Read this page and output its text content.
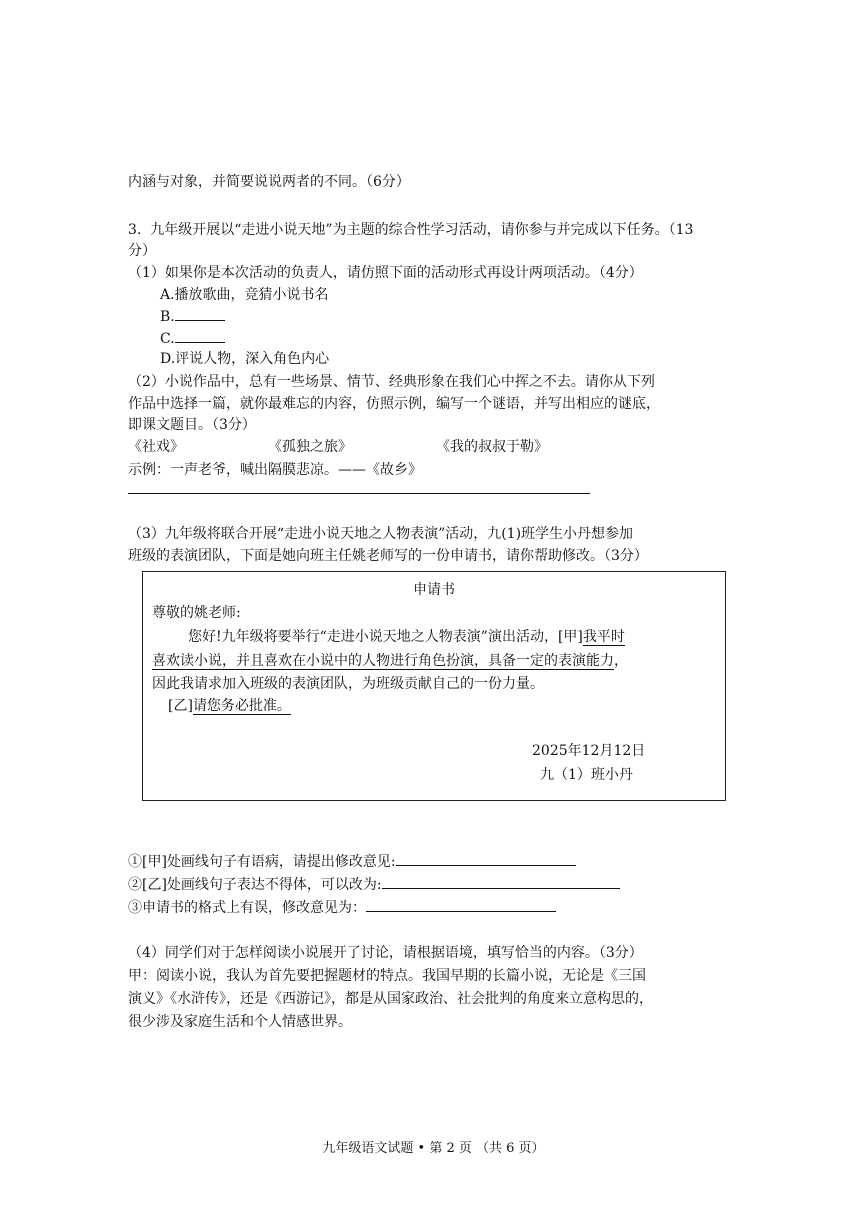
内涵与对象，并简要说说两者的不同。（6分）
3. 九年级开展以“走进小说天地”为主题的综合性学习活动，请你参与并完成以下任务。（13
分）
（1）如果你是本次活动的负责人，请仿照下面的活动形式再设计两项活动。（4分）
A.播放歌曲，竞猜小说书名
B.
C.
D.评说人物，深入角色内心
（2）小说作品中，总有一些场景、情节、经典形象在我们心中挥之不去。请你从下列
作品中选择一篇，就你最难忘的内容，仿照示例，编写一个谜语，并写出相应的谜底，
即课文题目。（3分）
《社戏》	《孤独之旅》	《我的叔叔于勒》
示例：一声老爷，喊出隔膜悲凉。——《故乡》
（3）九年级将联合开展“走进小说天地之人物表演”活动，九(1)班学生小丹想参加
班级的表演团队，下面是她向班主任姚老师写的一份申请书，请你帮助修改。（3分）
申请书
尊敬的姚老师:
您好!九年级将要举行“走进小说天地之人物表演”演出活动，[甲]我平时
喜欢读小说，并且喜欢在小说中的人物进行角色扮演，具备一定的表演能力，
因此我请求加入班级的表演团队，为班级贡献自己的一份力量。
[乙]请您务必批准。
2025年12月12日
九（1）班小丹
①[甲]处画线句子有语病，请提出修改意见:
②[乙]处画线句子表达不得体，可以改为:
③申请书的格式上有误，修改意见为：
（4）同学们对于怎样阅读小说展开了讨论，请根据语境，填写恰当的内容。（3分）
甲：阅读小说，我认为首先要把握题材的特点。我国早期的长篇小说，无论是《三国
演义》《水浒传》，还是《西游记》，都是从国家政治、社会批判的角度来立意构思的，
很少涉及家庭生活和个人情感世界。
九年级语文试题 • 第 2 页 （共 6 页）
